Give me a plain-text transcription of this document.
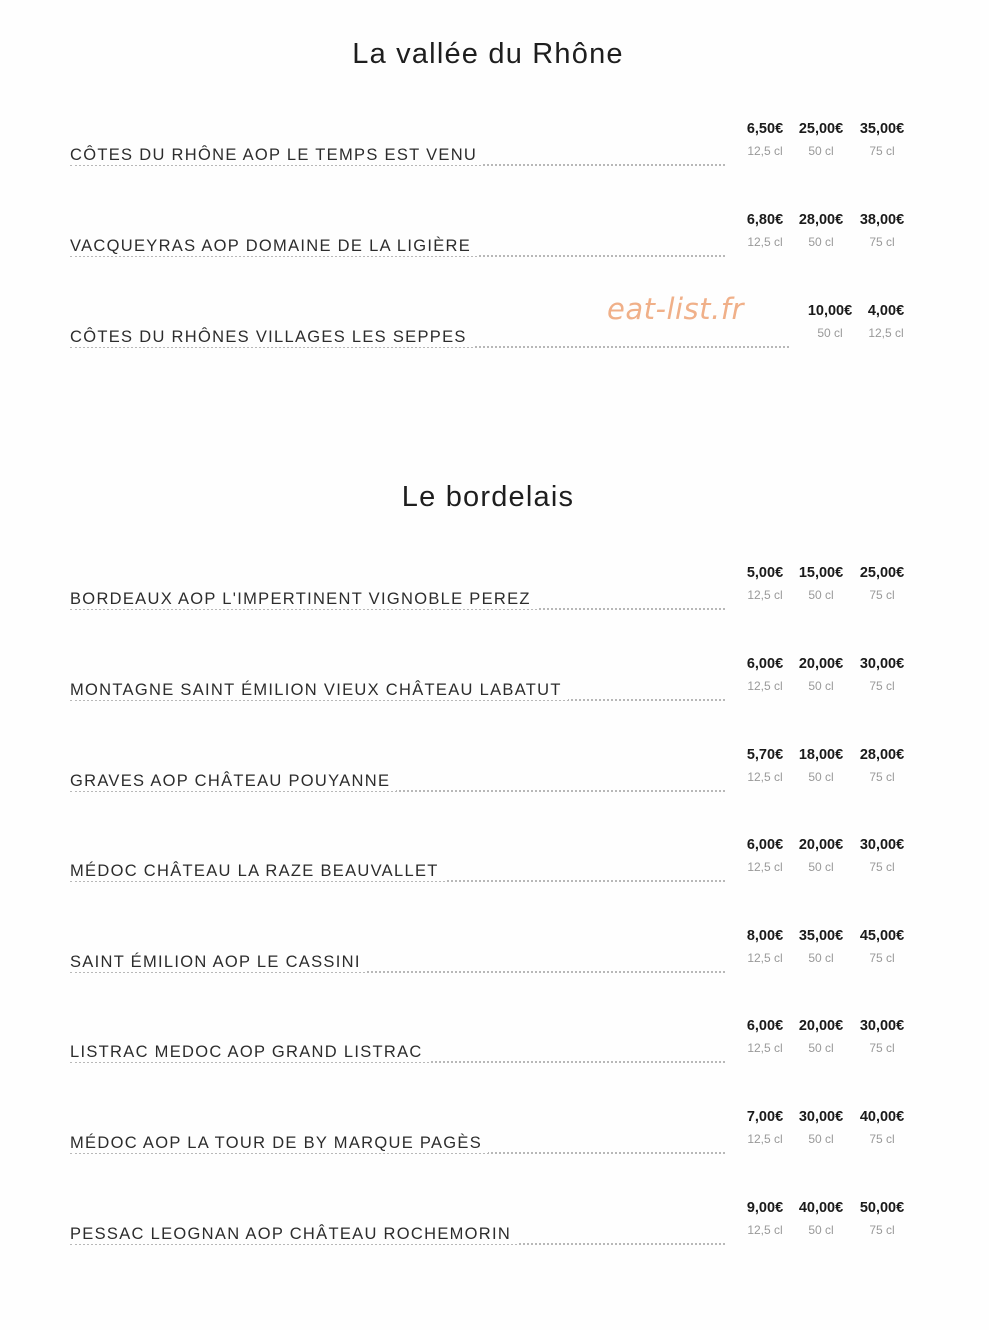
La vallée du Rhône
CÔTES DU RHÔNE AOP LE TEMPS EST VENU
6,50€
12,5 cl
25,00€
50 cl
35,00€
75 cl
VACQUEYRAS AOP DOMAINE DE LA LIGIÈRE
6,80€
12,5 cl
28,00€
50 cl
38,00€
75 cl
CÔTES DU RHÔNES VILLAGES LES SEPPES
10,00€
50 cl
4,00€
12,5 cl
eat-list.fr
Le bordelais
BORDEAUX AOP L'IMPERTINENT VIGNOBLE PEREZ
5,00€
12,5 cl
15,00€
50 cl
25,00€
75 cl
MONTAGNE SAINT ÉMILION VIEUX CHÂTEAU LABATUT
6,00€
12,5 cl
20,00€
50 cl
30,00€
75 cl
GRAVES AOP CHÂTEAU POUYANNE
5,70€
12,5 cl
18,00€
50 cl
28,00€
75 cl
MÉDOC CHÂTEAU LA RAZE BEAUVALLET
6,00€
12,5 cl
20,00€
50 cl
30,00€
75 cl
SAINT ÉMILION AOP LE CASSINI
8,00€
12,5 cl
35,00€
50 cl
45,00€
75 cl
LISTRAC MEDOC AOP GRAND LISTRAC
6,00€
12,5 cl
20,00€
50 cl
30,00€
75 cl
MÉDOC AOP LA TOUR DE BY MARQUE PAGÈS
7,00€
12,5 cl
30,00€
50 cl
40,00€
75 cl
PESSAC LEOGNAN AOP CHÂTEAU ROCHEMORIN
9,00€
12,5 cl
40,00€
50 cl
50,00€
75 cl
